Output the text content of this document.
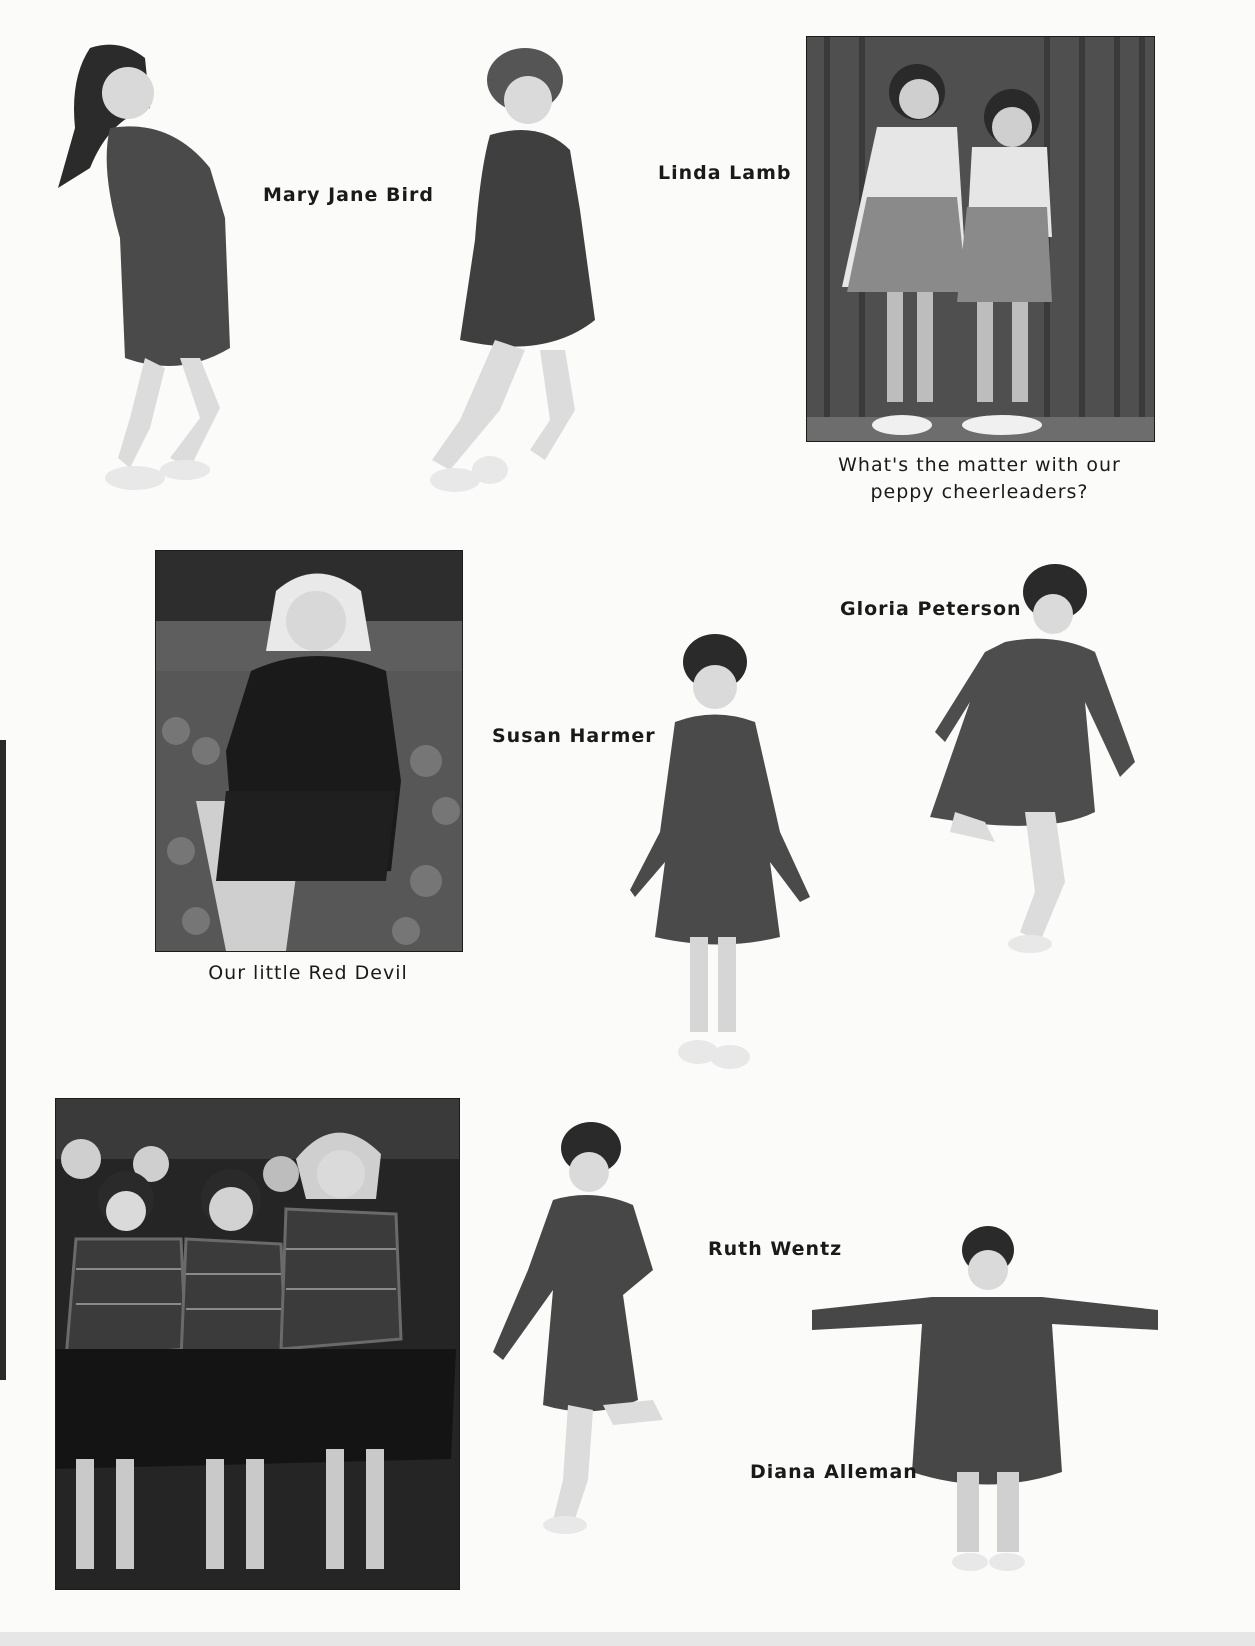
Mary Jane Bird
Linda Lamb
What's the matter with our
peppy cheerleaders?
Our little Red Devil
Gloria Peterson
Susan Harmer
Ruth Wentz
Diana Alleman
